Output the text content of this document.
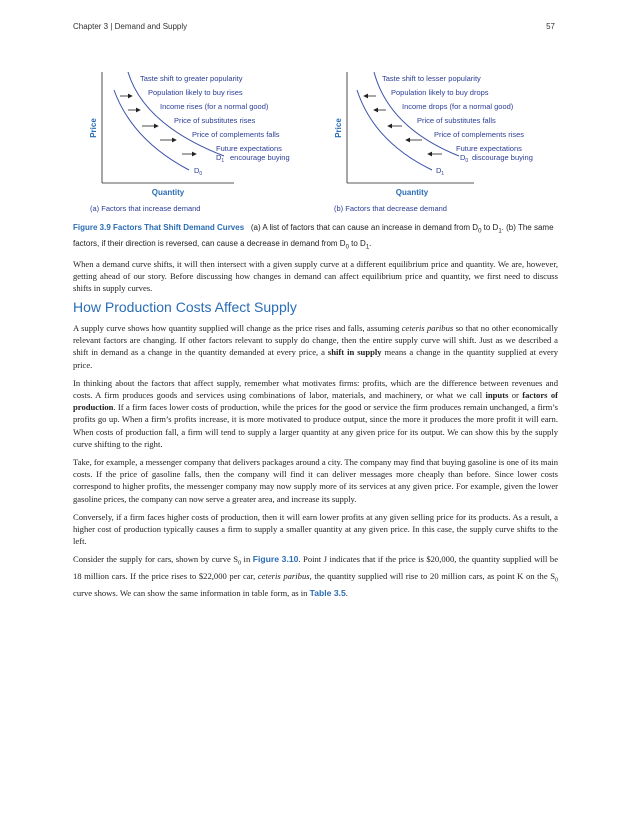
Chapter 3 | Demand and Supply	57
Price
Quantity
Taste shift to greater popularity
Population likely to buy rises
Income rises (for a normal good)
Price of substitutes rises
Price of complements falls
Future expectations
encourage buying
$D_1$
$D_0$
(a) Factors that increase demand
Price
Quantity
Taste shift to lesser popularity
Population likely to buy drops
Income drops (for a normal good)
Price of substitutes falls
Price of complements rises
Future expectations
discourage buying
$D_0$
$D_1$
(b) Factors that decrease demand
Figure 3.9 Factors That Shift Demand Curves (a) A list of factors that can cause an increase in demand from $D_0$ to $D_1$. (b) The same factors, if their direction is reversed, can cause a decrease in demand from $D_0$ to $D_1$.

When a demand curve shifts, it will then intersect with a given supply curve at a different equilibrium price and quantity. We are, however, getting ahead of our story. Before discussing how changes in demand can affect equilibrium price and quantity, we first need to discuss shifts in supply curves.

How Production Costs Affect Supply

A supply curve shows how quantity supplied will change as the price rises and falls, assuming ceteris paribus so that no other economically relevant factors are changing. If other factors relevant to supply do change, then the entire supply curve will shift. Just as we described a shift in demand as a change in the quantity demanded at every price, a shift in supply means a change in the quantity supplied at every price.

In thinking about the factors that affect supply, remember what motivates firms: profits, which are the difference between revenues and costs. A firm produces goods and services using combinations of labor, materials, and machinery, or what we call inputs or factors of production. If a firm faces lower costs of production, while the prices for the good or service the firm produces remain unchanged, a firm’s profits go up. When a firm’s profits increase, it is more motivated to produce output, since the more it produces the more profit it will earn. When costs of production fall, a firm will tend to supply a larger quantity at any given price for its output. We can show this by the supply curve shifting to the right.

Take, for example, a messenger company that delivers packages around a city. The company may find that buying gasoline is one of its main costs. If the price of gasoline falls, then the company will find it can deliver messages more cheaply than before. Since lower costs correspond to higher profits, the messenger company may now supply more of its services at any given price. For example, given the lower gasoline prices, the company can now serve a greater area, and increase its supply.

Conversely, if a firm faces higher costs of production, then it will earn lower profits at any given selling price for its products. As a result, a higher cost of production typically causes a firm to supply a smaller quantity at any given price. In this case, the supply curve shifts to the left.

Consider the supply for cars, shown by curve $S_0$ in Figure 3.10. Point J indicates that if the price is $20,000, the quantity supplied will be 18 million cars. If the price rises to $22,000 per car, ceteris paribus, the quantity supplied will rise to 20 million cars, as point K on the $S_0$ curve shows. We can show the same information in table form, as in Table 3.5.
